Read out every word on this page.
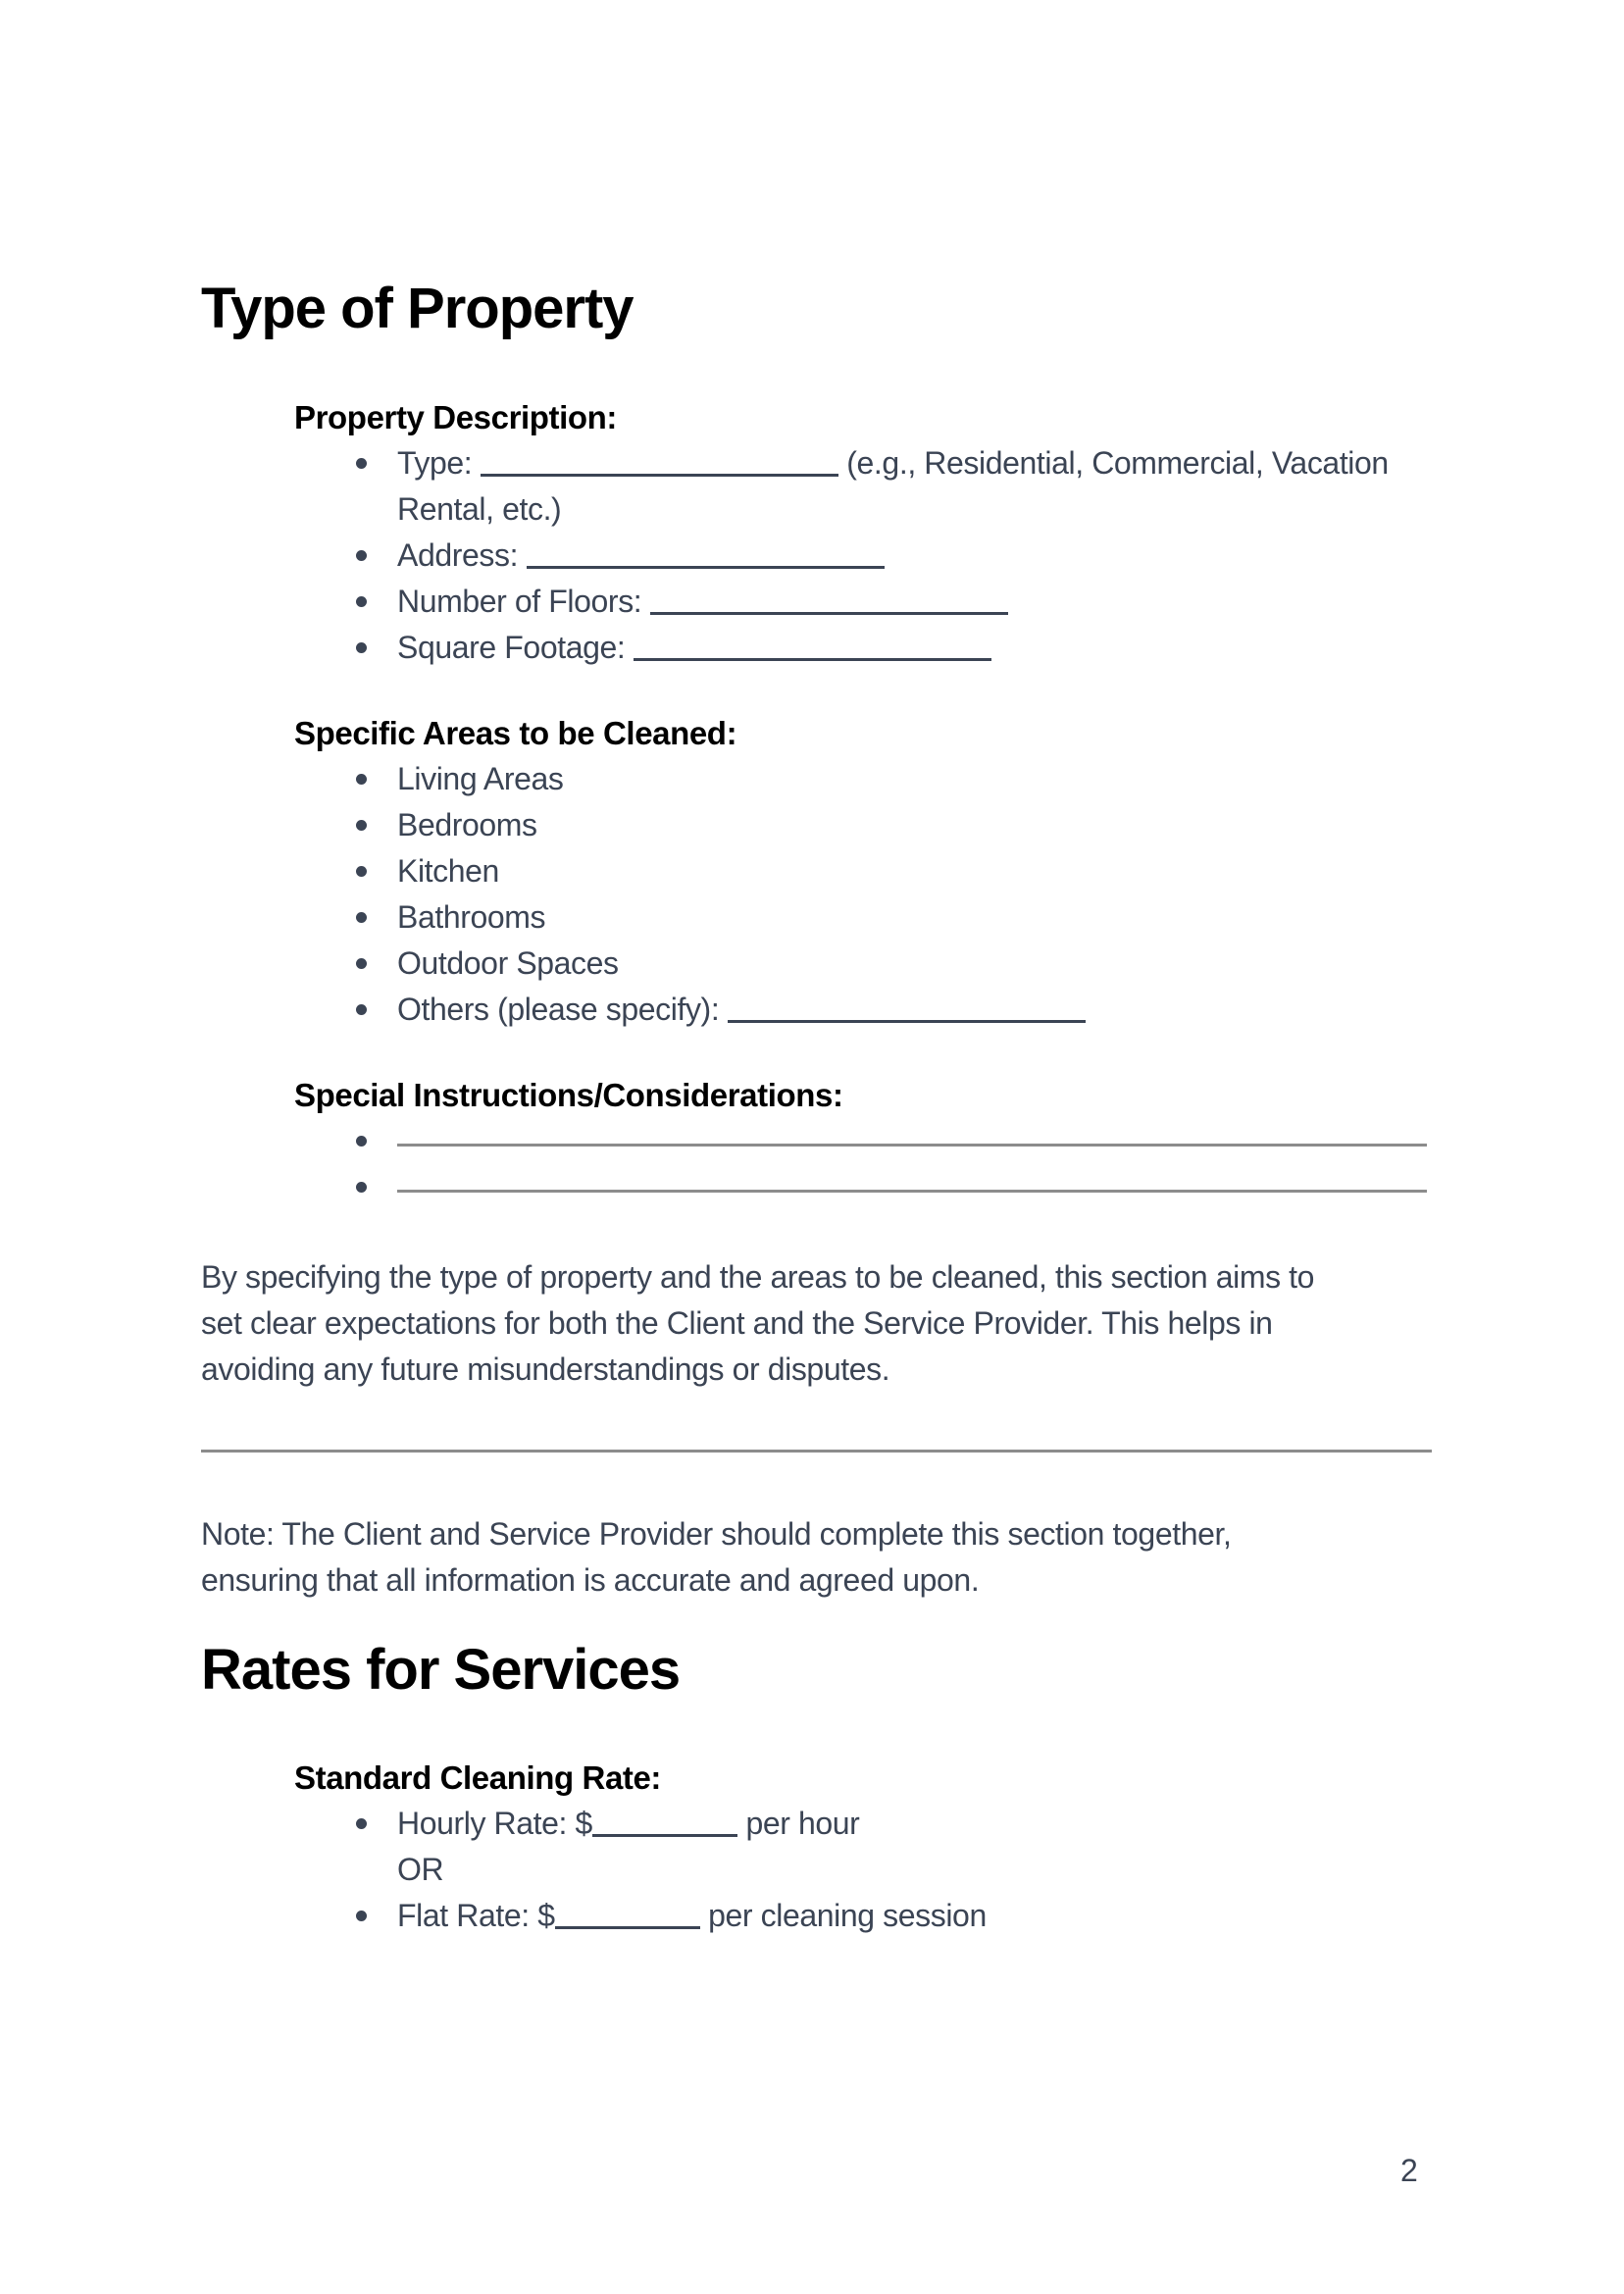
Type of Property
Property Description:
Type:	(e.g., Residential, Commercial, Vacation
Rental, etc.)
Address:
Number of Floors:
Square Footage:
Specific Areas to be Cleaned:
Living Areas
Bedrooms
Kitchen
Bathrooms
Outdoor Spaces
Others (please specify):
Special Instructions/Considerations:
By specifying the type of property and the areas to be cleaned, this section aims to
set clear expectations for both the Client and the Service Provider. This helps in
avoiding any future misunderstandings or disputes.
Note: The Client and Service Provider should complete this section together,
ensuring that all information is accurate and agreed upon.
Rates for Services
Standard Cleaning Rate:
Hourly Rate: $	per hour
OR
Flat Rate: $	per cleaning session
2
